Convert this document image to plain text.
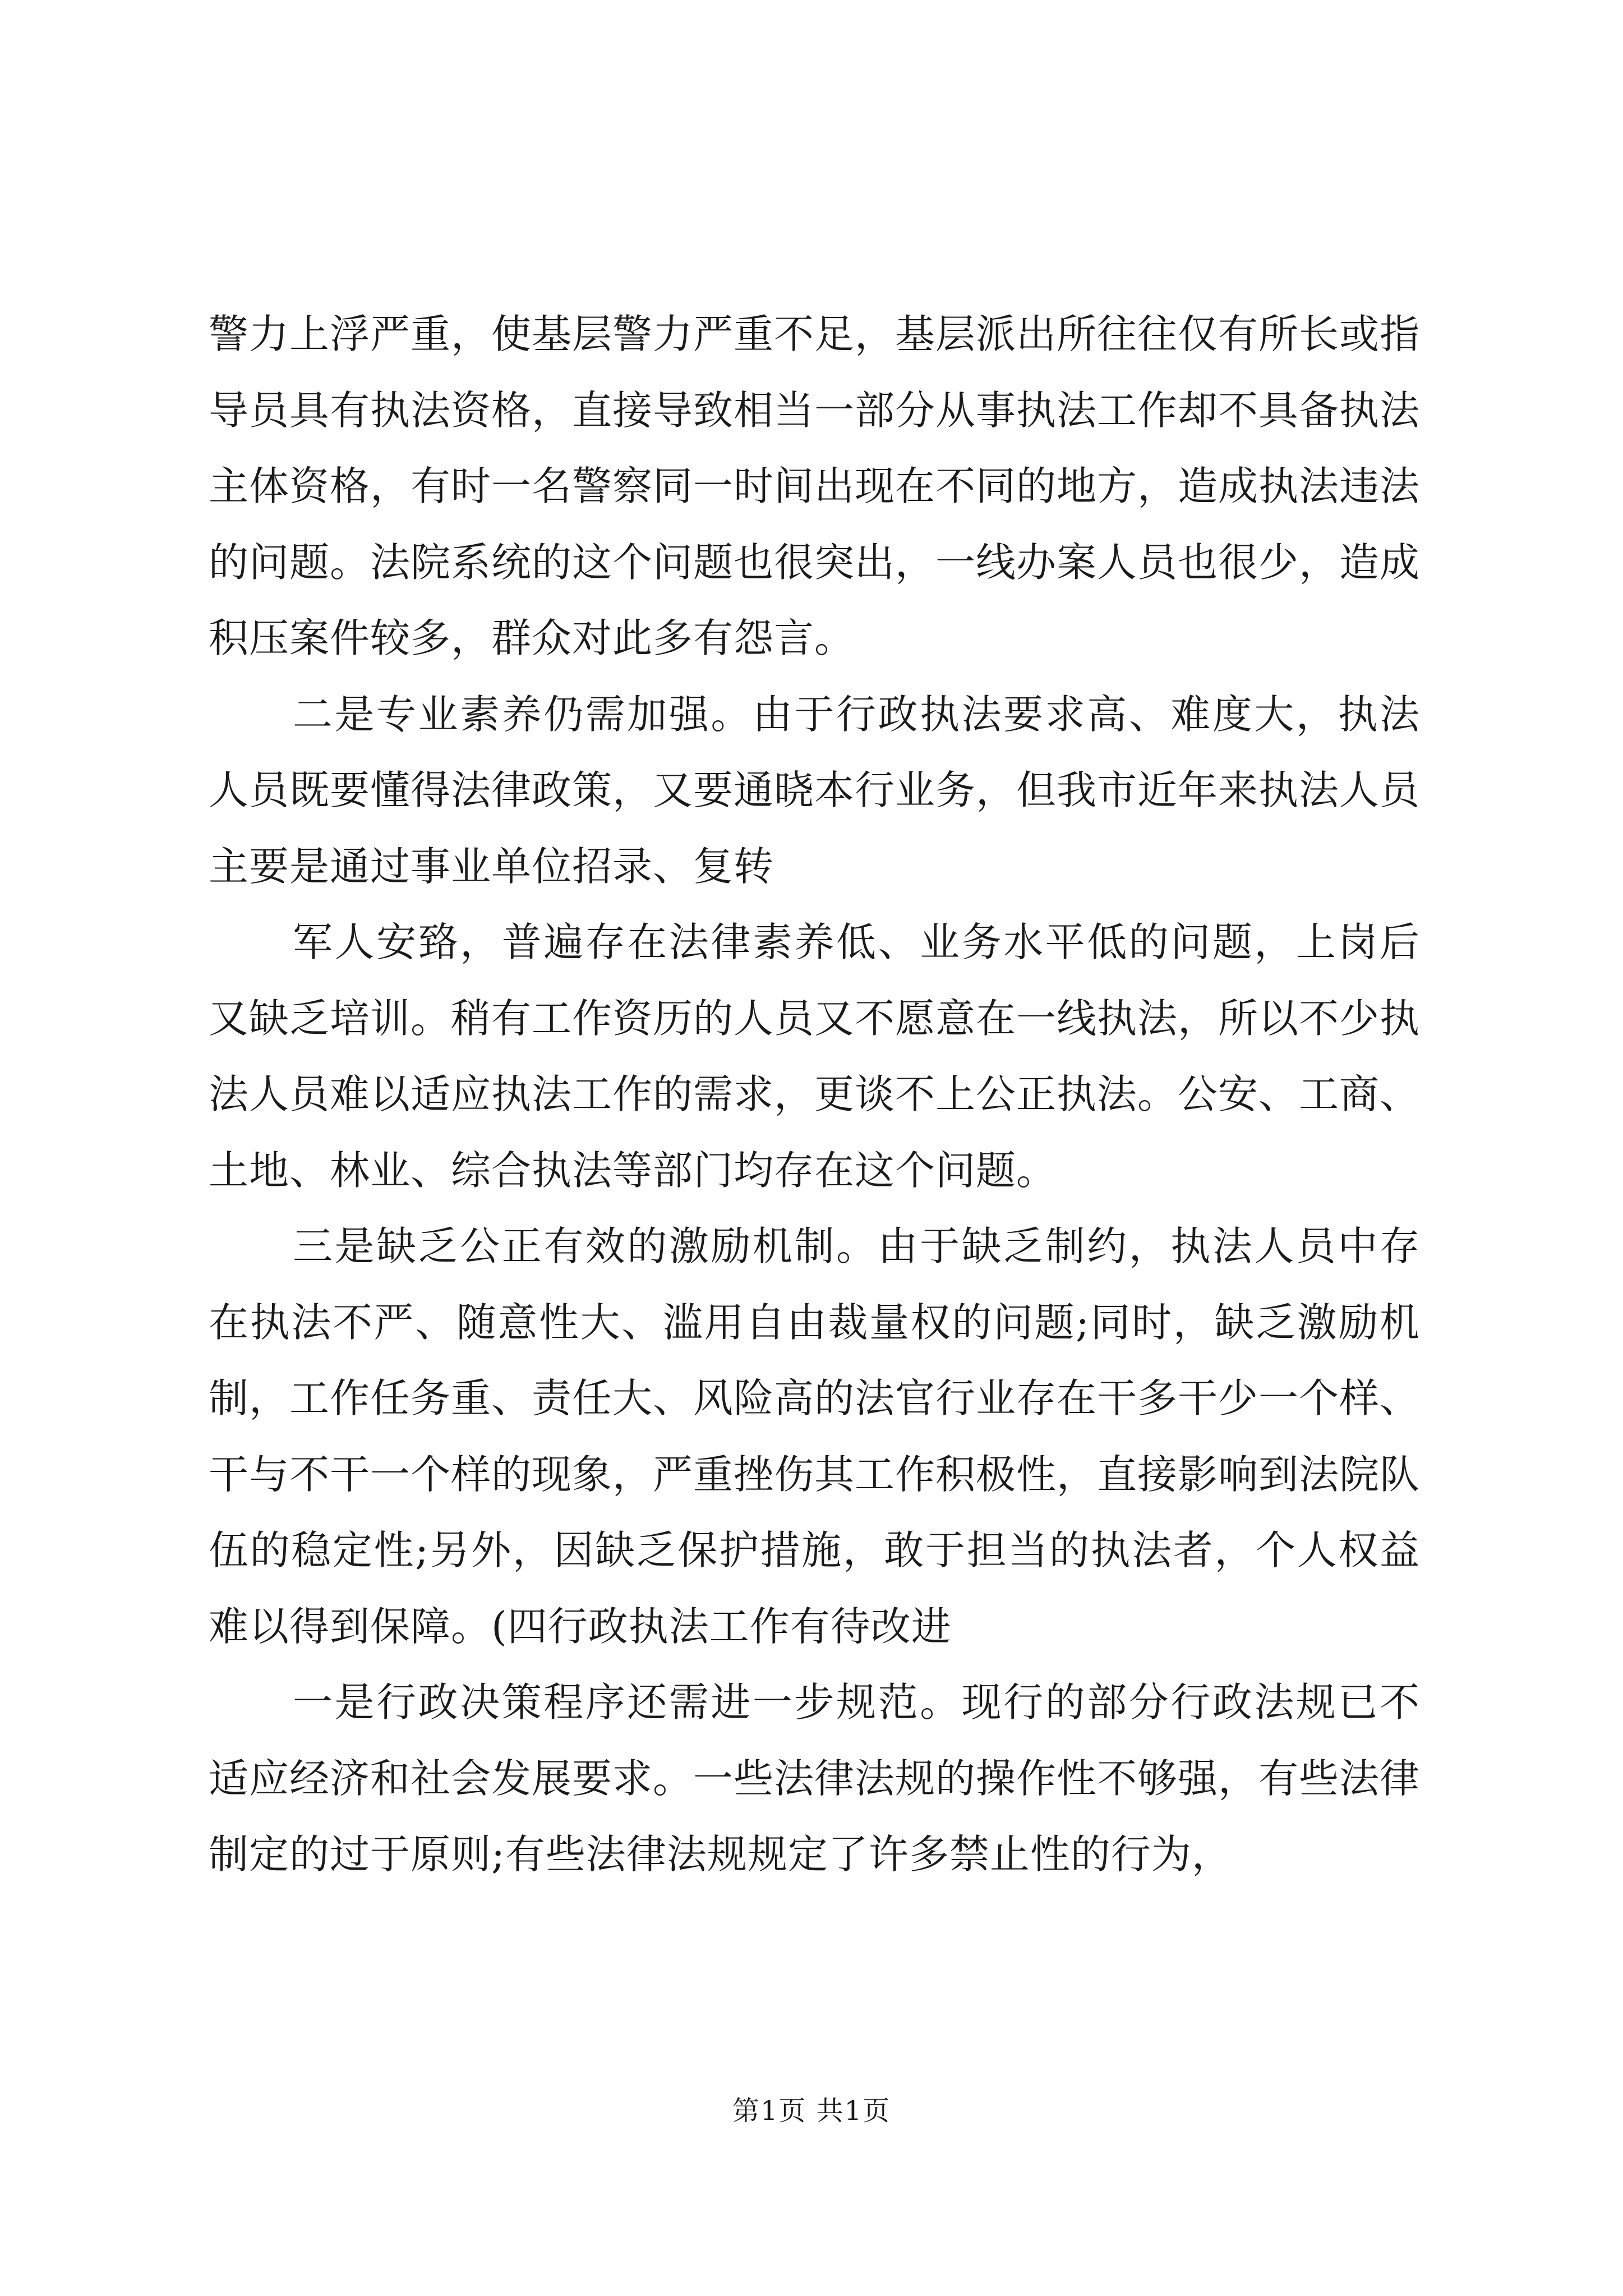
警力上浮严重，使基层警力严重不足，基层派出所往往仅有所长或指导员具有执法资格，直接导致相当一部分从事执法工作却不具备执法主体资格，有时一名警察同一时间出现在不同的地方，造成执法违法的问题。法院系统的这个问题也很突出，一线办案人员也很少，造成积压案件较多，群众对此多有怨言。

二是专业素养仍需加强。由于行政执法要求高、难度大，执法人员既要懂得法律政策，又要通晓本行业务，但我市近年来执法人员主要是通过事业单位招录、复转

军人安臵，普遍存在法律素养低、业务水平低的问题，上岗后又缺乏培训。稍有工作资历的人员又不愿意在一线执法，所以不少执法人员难以适应执法工作的需求，更谈不上公正执法。公安、工商、土地、林业、综合执法等部门均存在这个问题。

三是缺乏公正有效的激励机制。由于缺乏制约，执法人员中存在执法不严、随意性大、滥用自由裁量权的问题;同时，缺乏激励机制，工作任务重、责任大、风险高的法官行业存在干多干少一个样、干与不干一个样的现象，严重挫伤其工作积极性，直接影响到法院队伍的稳定性;另外，因缺乏保护措施，敢于担当的执法者，个人权益难以得到保障。(四行政执法工作有待改进

一是行政决策程序还需进一步规范。现行的部分行政法规已不适应经济和社会发展要求。一些法律法规的操作性不够强，有些法律制定的过于原则;有些法律法规规定了许多禁止性的行为，

第1页 共1页
